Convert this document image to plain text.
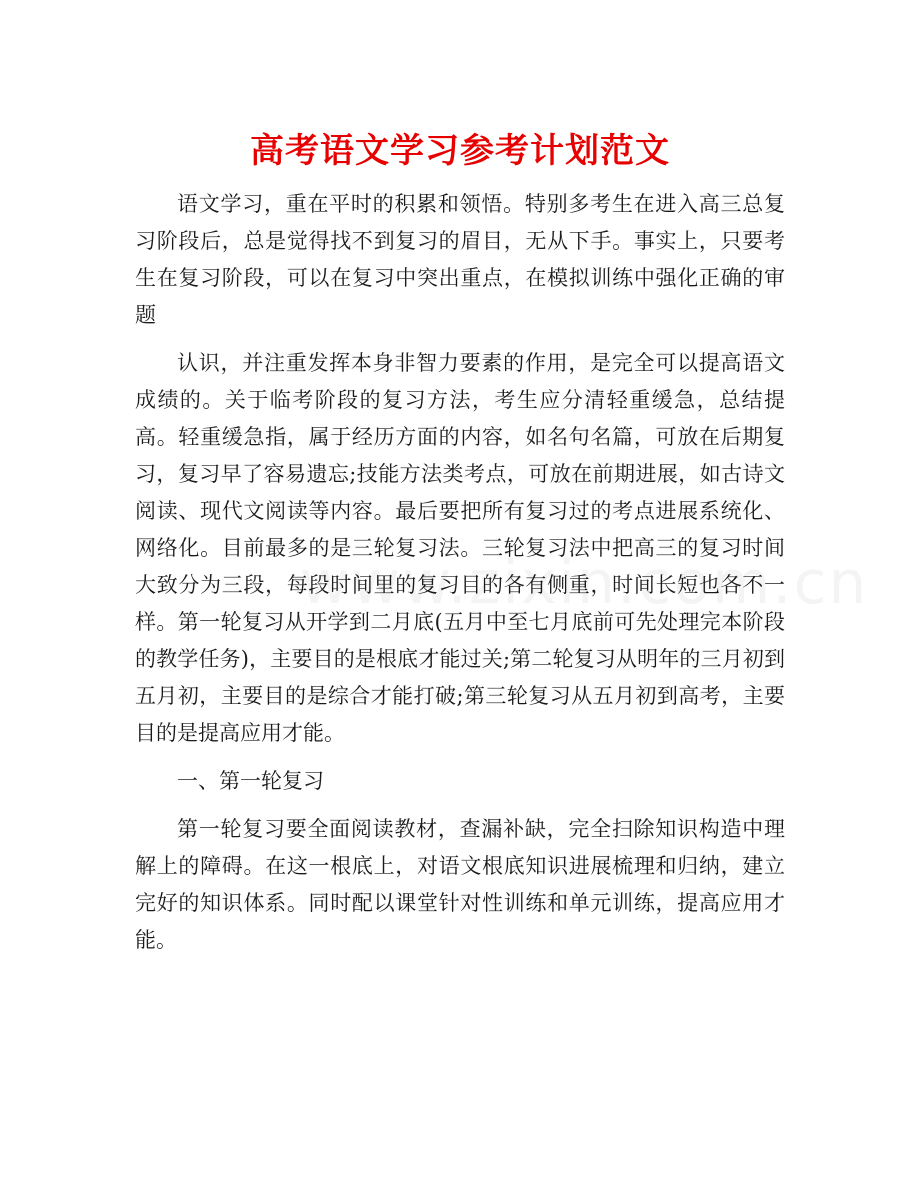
高考语文学习参考计划范文

语文学习，重在平时的积累和领悟。特别多考生在进入高三总复习阶段后，总是觉得找不到复习的眉目，无从下手。事实上，只要考生在复习阶段，可以在复习中突出重点，在模拟训练中强化正确的审题

认识，并注重发挥本身非智力要素的作用，是完全可以提高语文成绩的。关于临考阶段的复习方法，考生应分清轻重缓急，总结提高。轻重缓急指，属于经历方面的内容，如名句名篇，可放在后期复习，复习早了容易遗忘;技能方法类考点，可放在前期进展，如古诗文阅读、现代文阅读等内容。最后要把所有复习过的考点进展系统化、网络化。目前最多的是三轮复习法。三轮复习法中把高三的复习时间大致分为三段，每段时间里的复习目的各有侧重，时间长短也各不一样。第一轮复习从开学到二月底(五月中至七月底前可先处理完本阶段的教学任务)，主要目的是根底才能过关;第二轮复习从明年的三月初到五月初，主要目的是综合才能打破;第三轮复习从五月初到高考，主要目的是提高应用才能。

一、第一轮复习

第一轮复习要全面阅读教材，查漏补缺，完全扫除知识构造中理解上的障碍。在这一根底上，对语文根底知识进展梳理和归纳，建立完好的知识体系。同时配以课堂针对性训练和单元训练，提高应用才能。
